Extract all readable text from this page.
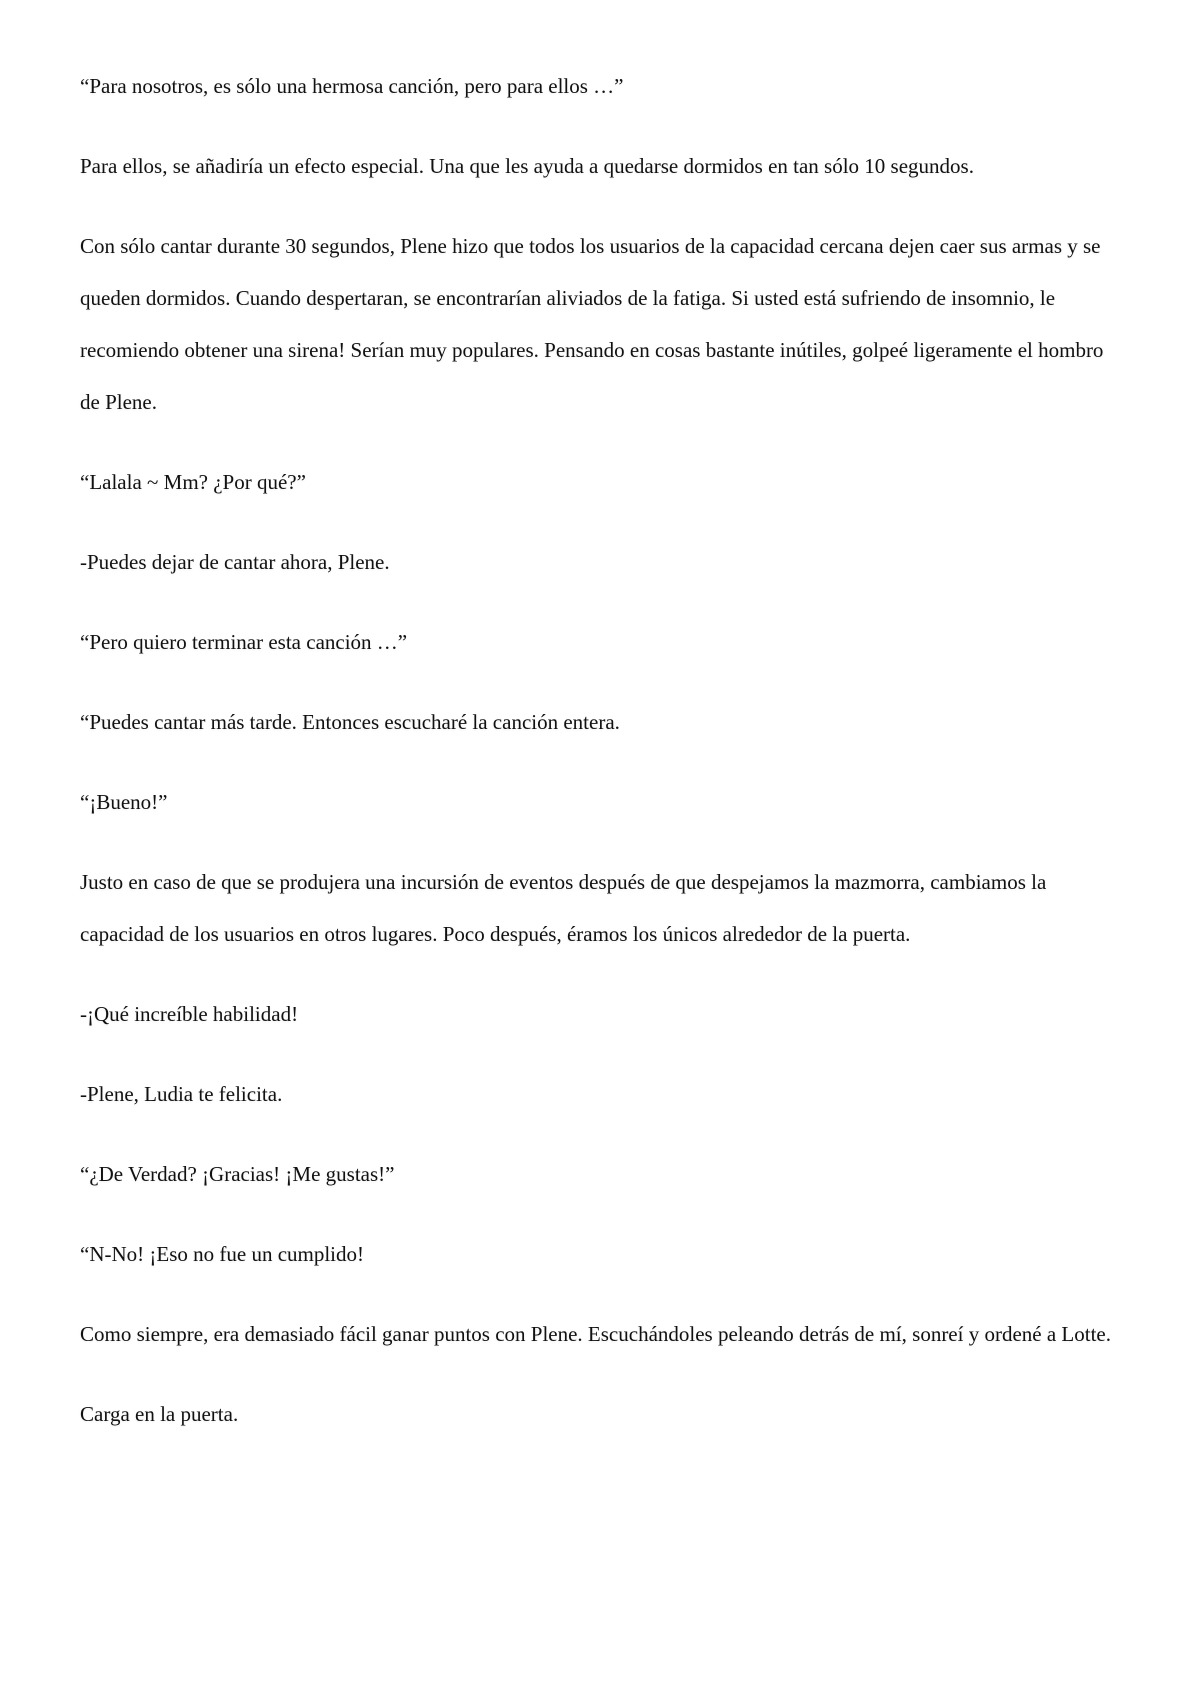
“Para nosotros, es sólo una hermosa canción, pero para ellos …”

Para ellos, se añadiría un efecto especial. Una que les ayuda a quedarse dormidos en tan sólo 10 segundos.

Con sólo cantar durante 30 segundos, Plene hizo que todos los usuarios de la capacidad cercana dejen caer sus armas y se queden dormidos. Cuando despertaran, se encontrarían aliviados de la fatiga. Si usted está sufriendo de insomnio, le recomiendo obtener una sirena! Serían muy populares. Pensando en cosas bastante inútiles, golpeé ligeramente el hombro de Plene.

“Lalala ~ Mm? ¿Por qué?”

-Puedes dejar de cantar ahora, Plene.

“Pero quiero terminar esta canción …”

“Puedes cantar más tarde. Entonces escucharé la canción entera.

“¡Bueno!”

Justo en caso de que se produjera una incursión de eventos después de que despejamos la mazmorra, cambiamos la capacidad de los usuarios en otros lugares. Poco después, éramos los únicos alrededor de la puerta.

-¡Qué increíble habilidad!

-Plene, Ludia te felicita.

“¿De Verdad? ¡Gracias! ¡Me gustas!”

“N-No! ¡Eso no fue un cumplido!

Como siempre, era demasiado fácil ganar puntos con Plene. Escuchándoles peleando detrás de mí, sonreí y ordené a Lotte.

Carga en la puerta.
